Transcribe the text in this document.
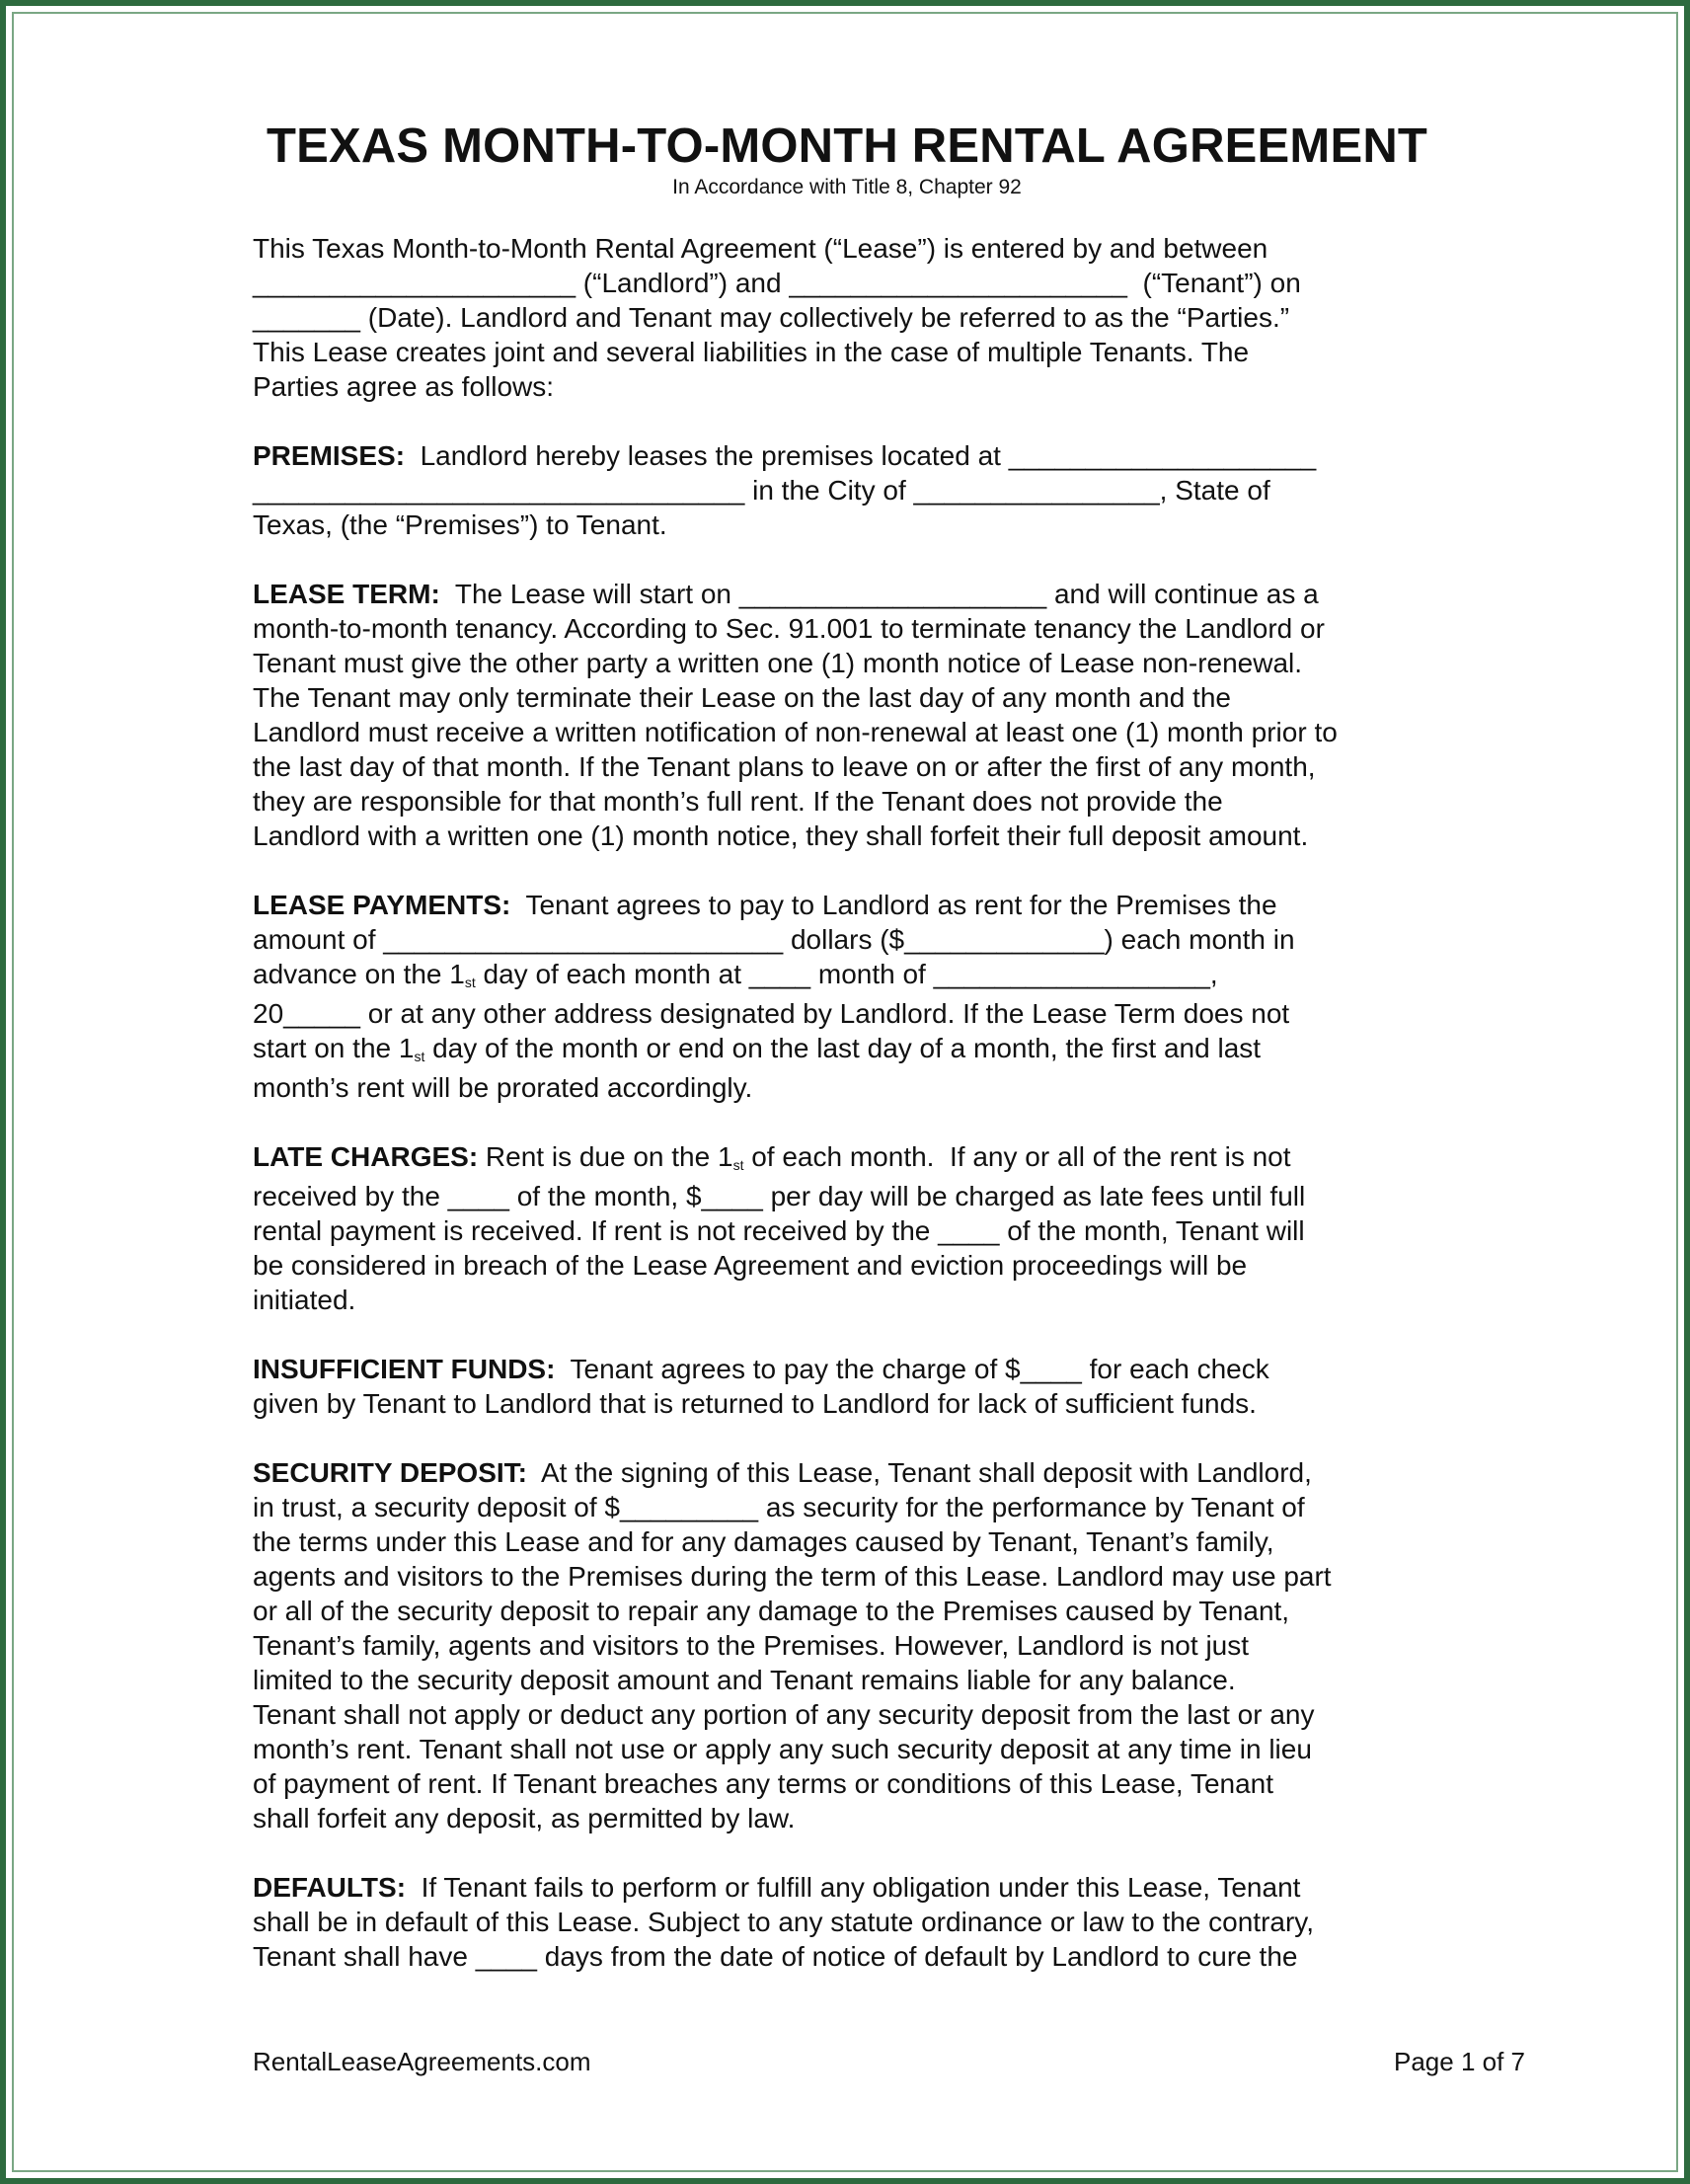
TEXAS MONTH-TO-MONTH RENTAL AGREEMENT

In Accordance with Title 8, Chapter 92

This Texas Month-to-Month Rental Agreement (“Lease”) is entered by and between
_____________________ (“Landlord”) and ______________________  (“Tenant”) on
_______ (Date). Landlord and Tenant may collectively be referred to as the “Parties.”
This Lease creates joint and several liabilities in the case of multiple Tenants. The
Parties agree as follows:
PREMISES:  Landlord hereby leases the premises located at ____________________
________________________________ in the City of ________________, State of
Texas, (the “Premises”) to Tenant.
LEASE TERM:  The Lease will start on ____________________ and will continue as a
month-to-month tenancy. According to Sec. 91.001 to terminate tenancy the Landlord or
Tenant must give the other party a written one (1) month notice of Lease non-renewal.
The Tenant may only terminate their Lease on the last day of any month and the
Landlord must receive a written notification of non-renewal at least one (1) month prior to
the last day of that month. If the Tenant plans to leave on or after the first of any month,
they are responsible for that month’s full rent. If the Tenant does not provide the
Landlord with a written one (1) month notice, they shall forfeit their full deposit amount.
LEASE PAYMENTS:  Tenant agrees to pay to Landlord as rent for the Premises the
amount of __________________________ dollars ($_____________) each month in
advance on the 1st day of each month at ____ month of __________________,
20_____ or at any other address designated by Landlord. If the Lease Term does not
start on the 1st day of the month or end on the last day of a month, the first and last
month’s rent will be prorated accordingly.
LATE CHARGES: Rent is due on the 1st of each month.  If any or all of the rent is not
received by the ____ of the month, $____ per day will be charged as late fees until full
rental payment is received. If rent is not received by the ____ of the month, Tenant will
be considered in breach of the Lease Agreement and eviction proceedings will be
initiated.
INSUFFICIENT FUNDS:  Tenant agrees to pay the charge of $____ for each check
given by Tenant to Landlord that is returned to Landlord for lack of sufficient funds.
SECURITY DEPOSIT:  At the signing of this Lease, Tenant shall deposit with Landlord,
in trust, a security deposit of $_________ as security for the performance by Tenant of
the terms under this Lease and for any damages caused by Tenant, Tenant’s family,
agents and visitors to the Premises during the term of this Lease. Landlord may use part
or all of the security deposit to repair any damage to the Premises caused by Tenant,
Tenant’s family, agents and visitors to the Premises. However, Landlord is not just
limited to the security deposit amount and Tenant remains liable for any balance.
Tenant shall not apply or deduct any portion of any security deposit from the last or any
month’s rent. Tenant shall not use or apply any such security deposit at any time in lieu
of payment of rent. If Tenant breaches any terms or conditions of this Lease, Tenant
shall forfeit any deposit, as permitted by law.
DEFAULTS:  If Tenant fails to perform or fulfill any obligation under this Lease, Tenant
shall be in default of this Lease. Subject to any statute ordinance or law to the contrary,
Tenant shall have ____ days from the date of notice of default by Landlord to cure the
RentalLeaseAgreements.com	Page 1 of 7
